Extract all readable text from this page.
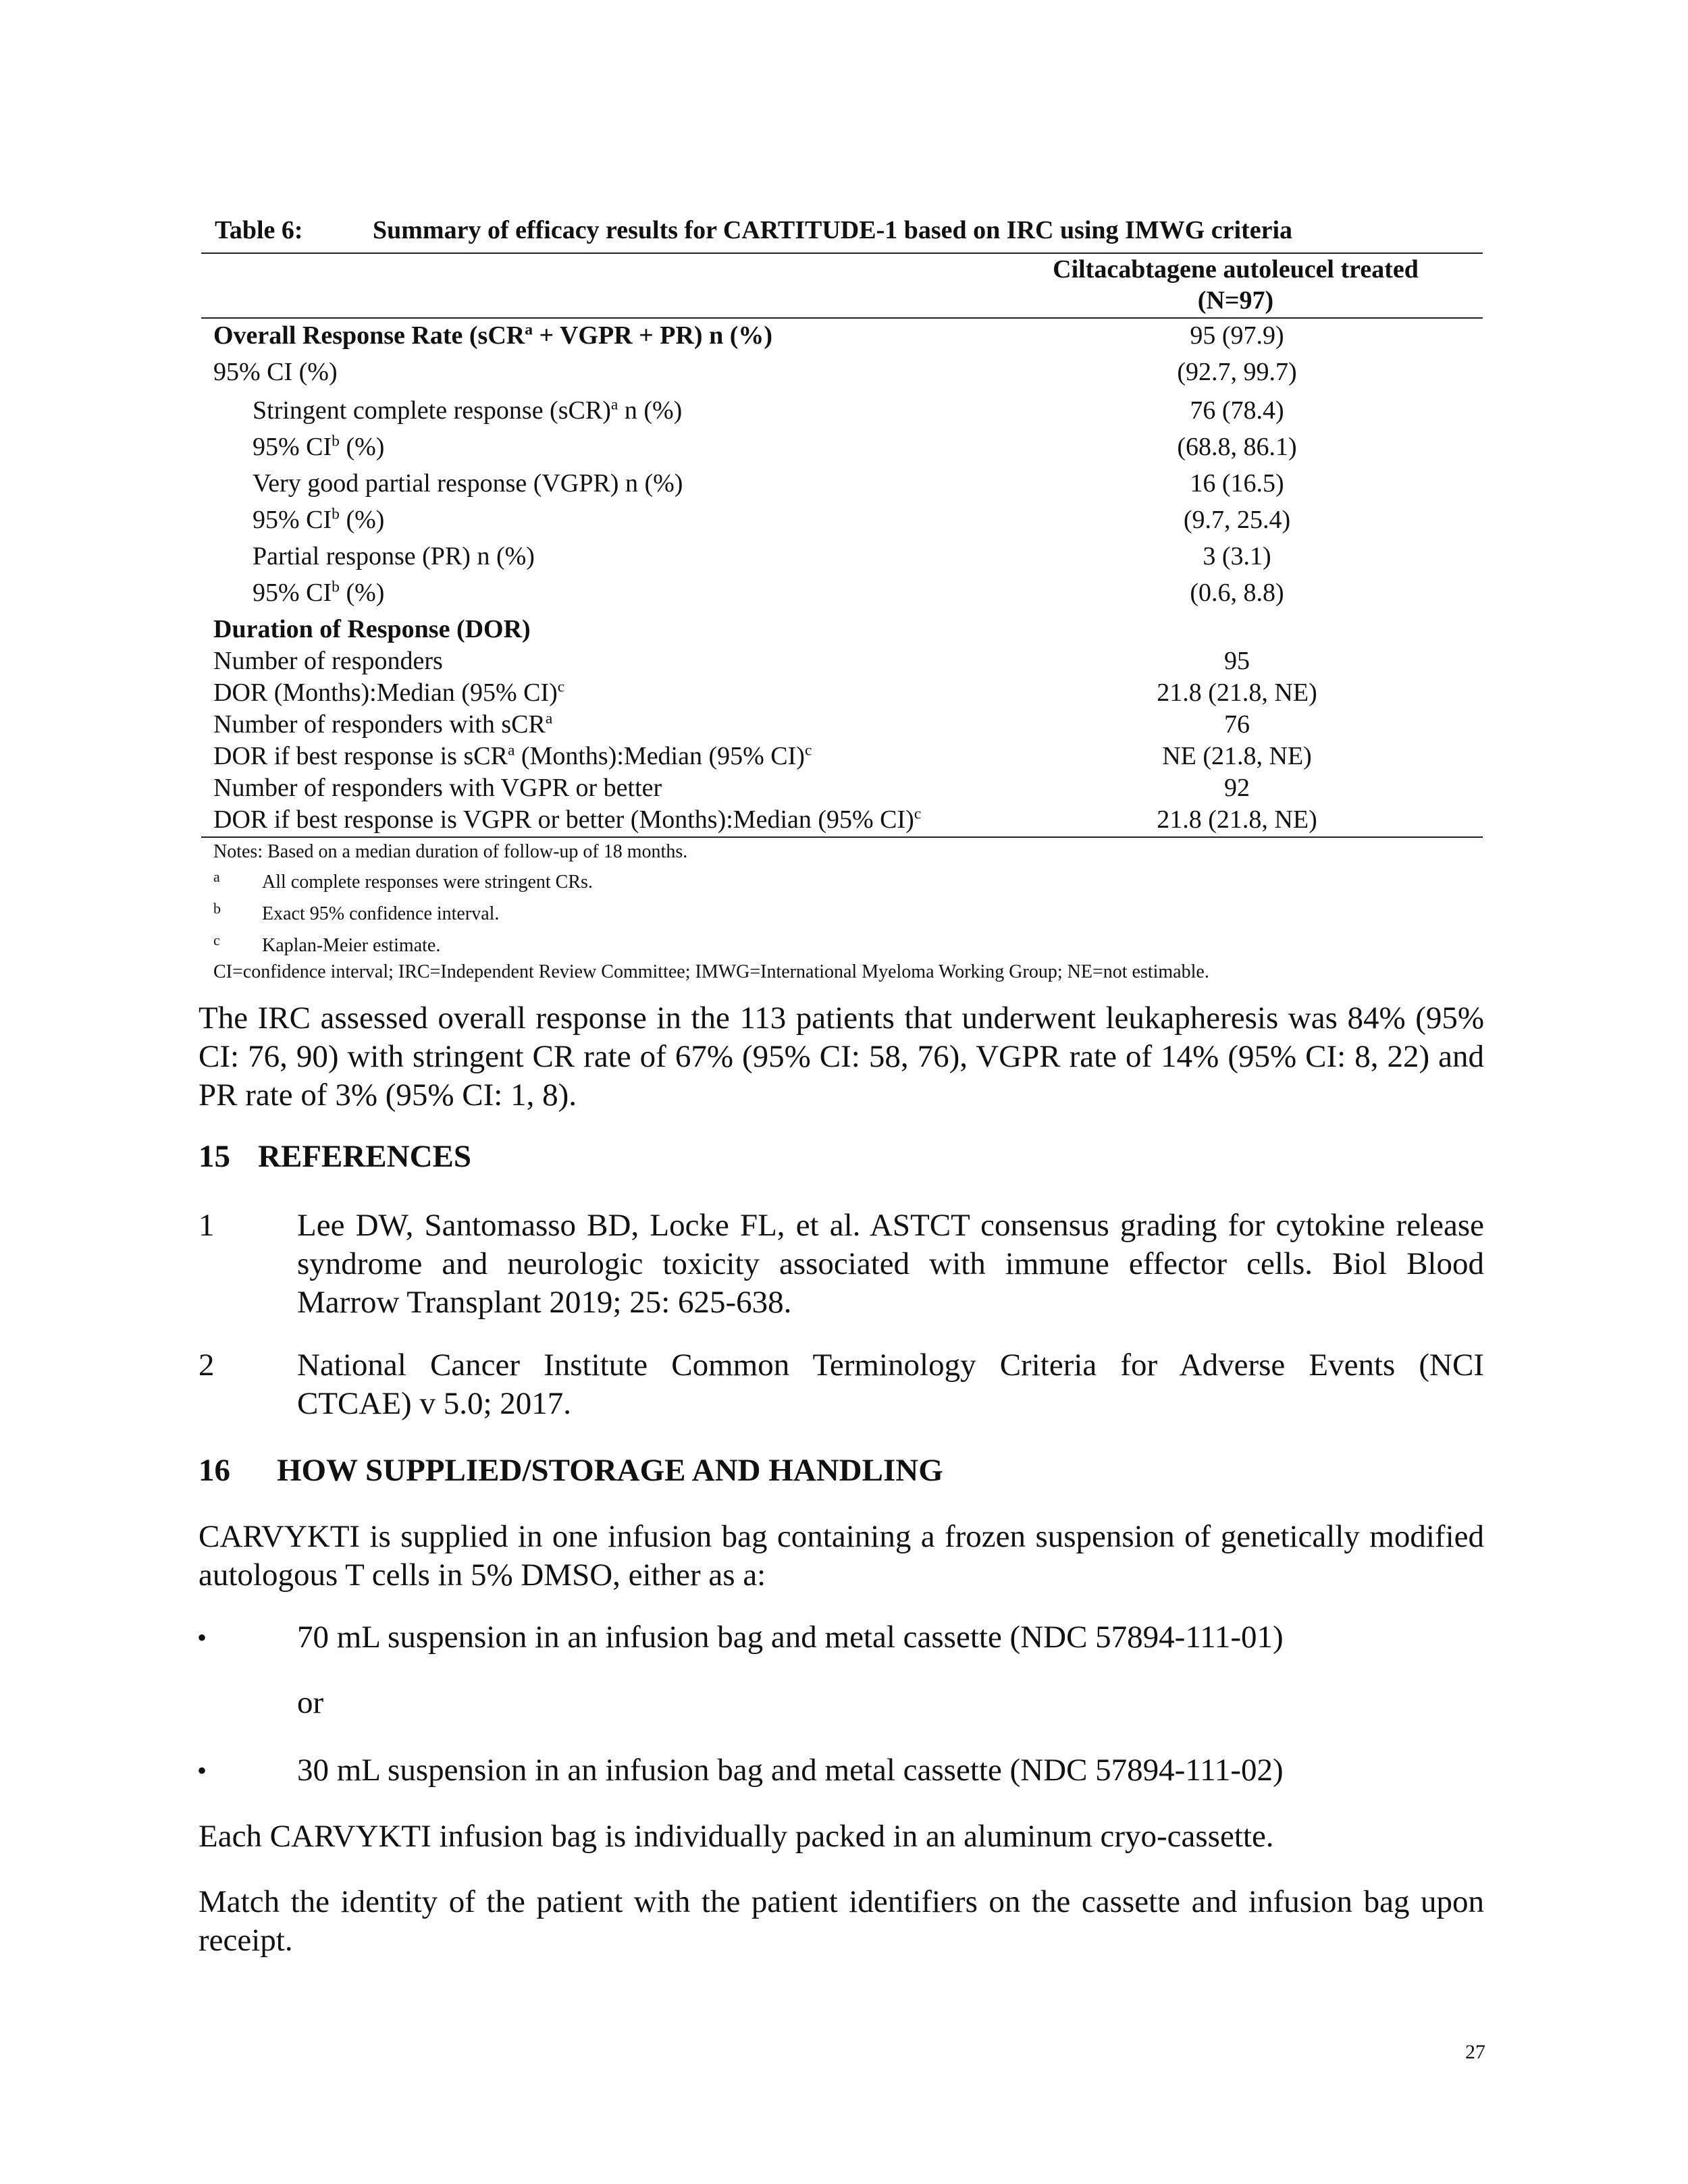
Table 6:	Summary of efficacy results for CARTITUDE-1 based on IRC using IMWG criteria
Ciltacabtagene autoleucel treated
(N=97)
Overall Response Rate (sCR$^a$ + VGPR + PR) n (%)	95 (97.9)
95% CI (%)	(92.7, 99.7)
Stringent complete response (sCR)$^a$ n (%)	76 (78.4)
95% $CI^b$ (%)	(68.8, 86.1)
Very good partial response (VGPR) n (%)	16 (16.5)
95% $CI^b$ (%)	(9.7, 25.4)
Partial response (PR) n (%)	3 (3.1)
95% $CI^b$ (%)	(0.6, 8.8)
Duration of Response (DOR)
Number of responders	95
DOR (Months):Median (95% CI)$^c$	21.8 (21.8, NE)
Number of responders with sCR$^a$	76
DOR if best response is sCR$^a$ (Months):Median (95% CI)$^c$	NE (21.8, NE)
Number of responders with VGPR or better	92
DOR if best response is VGPR or better (Months):Median (95% CI)$^c$	21.8 (21.8, NE)
Notes: Based on a median duration of follow-up of 18 months.
a All complete responses were stringent CRs.
b Exact 95% confidence interval.
c Kaplan-Meier estimate.
CI=confidence interval; IRC=Independent Review Committee; IMWG=International Myeloma Working Group; NE=not estimable.
The IRC assessed overall response in the 113 patients that underwent leukapheresis was 84% (95% CI: 76, 90) with stringent CR rate of 67% (95% CI: 58, 76), VGPR rate of 14% (95% CI: 8, 22) and PR rate of 3% (95% CI: 1, 8).
15 REFERENCES
1	Lee DW, Santomasso BD, Locke FL, et al. ASTCT consensus grading for cytokine release
syndrome and neurologic toxicity associated with immune effector cells. Biol Blood
Marrow Transplant 2019; 25: 625-638.
2	National Cancer Institute Common Terminology Criteria for Adverse Events (NCI
CTCAE) v 5.0; 2017.
16 HOW SUPPLIED/STORAGE AND HANDLING
CARVYKTI is supplied in one infusion bag containing a frozen suspension of genetically modified autologous T cells in 5% DMSO, either as a:
•	70 mL suspension in an infusion bag and metal cassette (NDC 57894-111-01)
or
•	30 mL suspension in an infusion bag and metal cassette (NDC 57894-111-02)
Each CARVYKTI infusion bag is individually packed in an aluminum cryo-cassette.
Match the identity of the patient with the patient identifiers on the cassette and infusion bag upon receipt.
27
